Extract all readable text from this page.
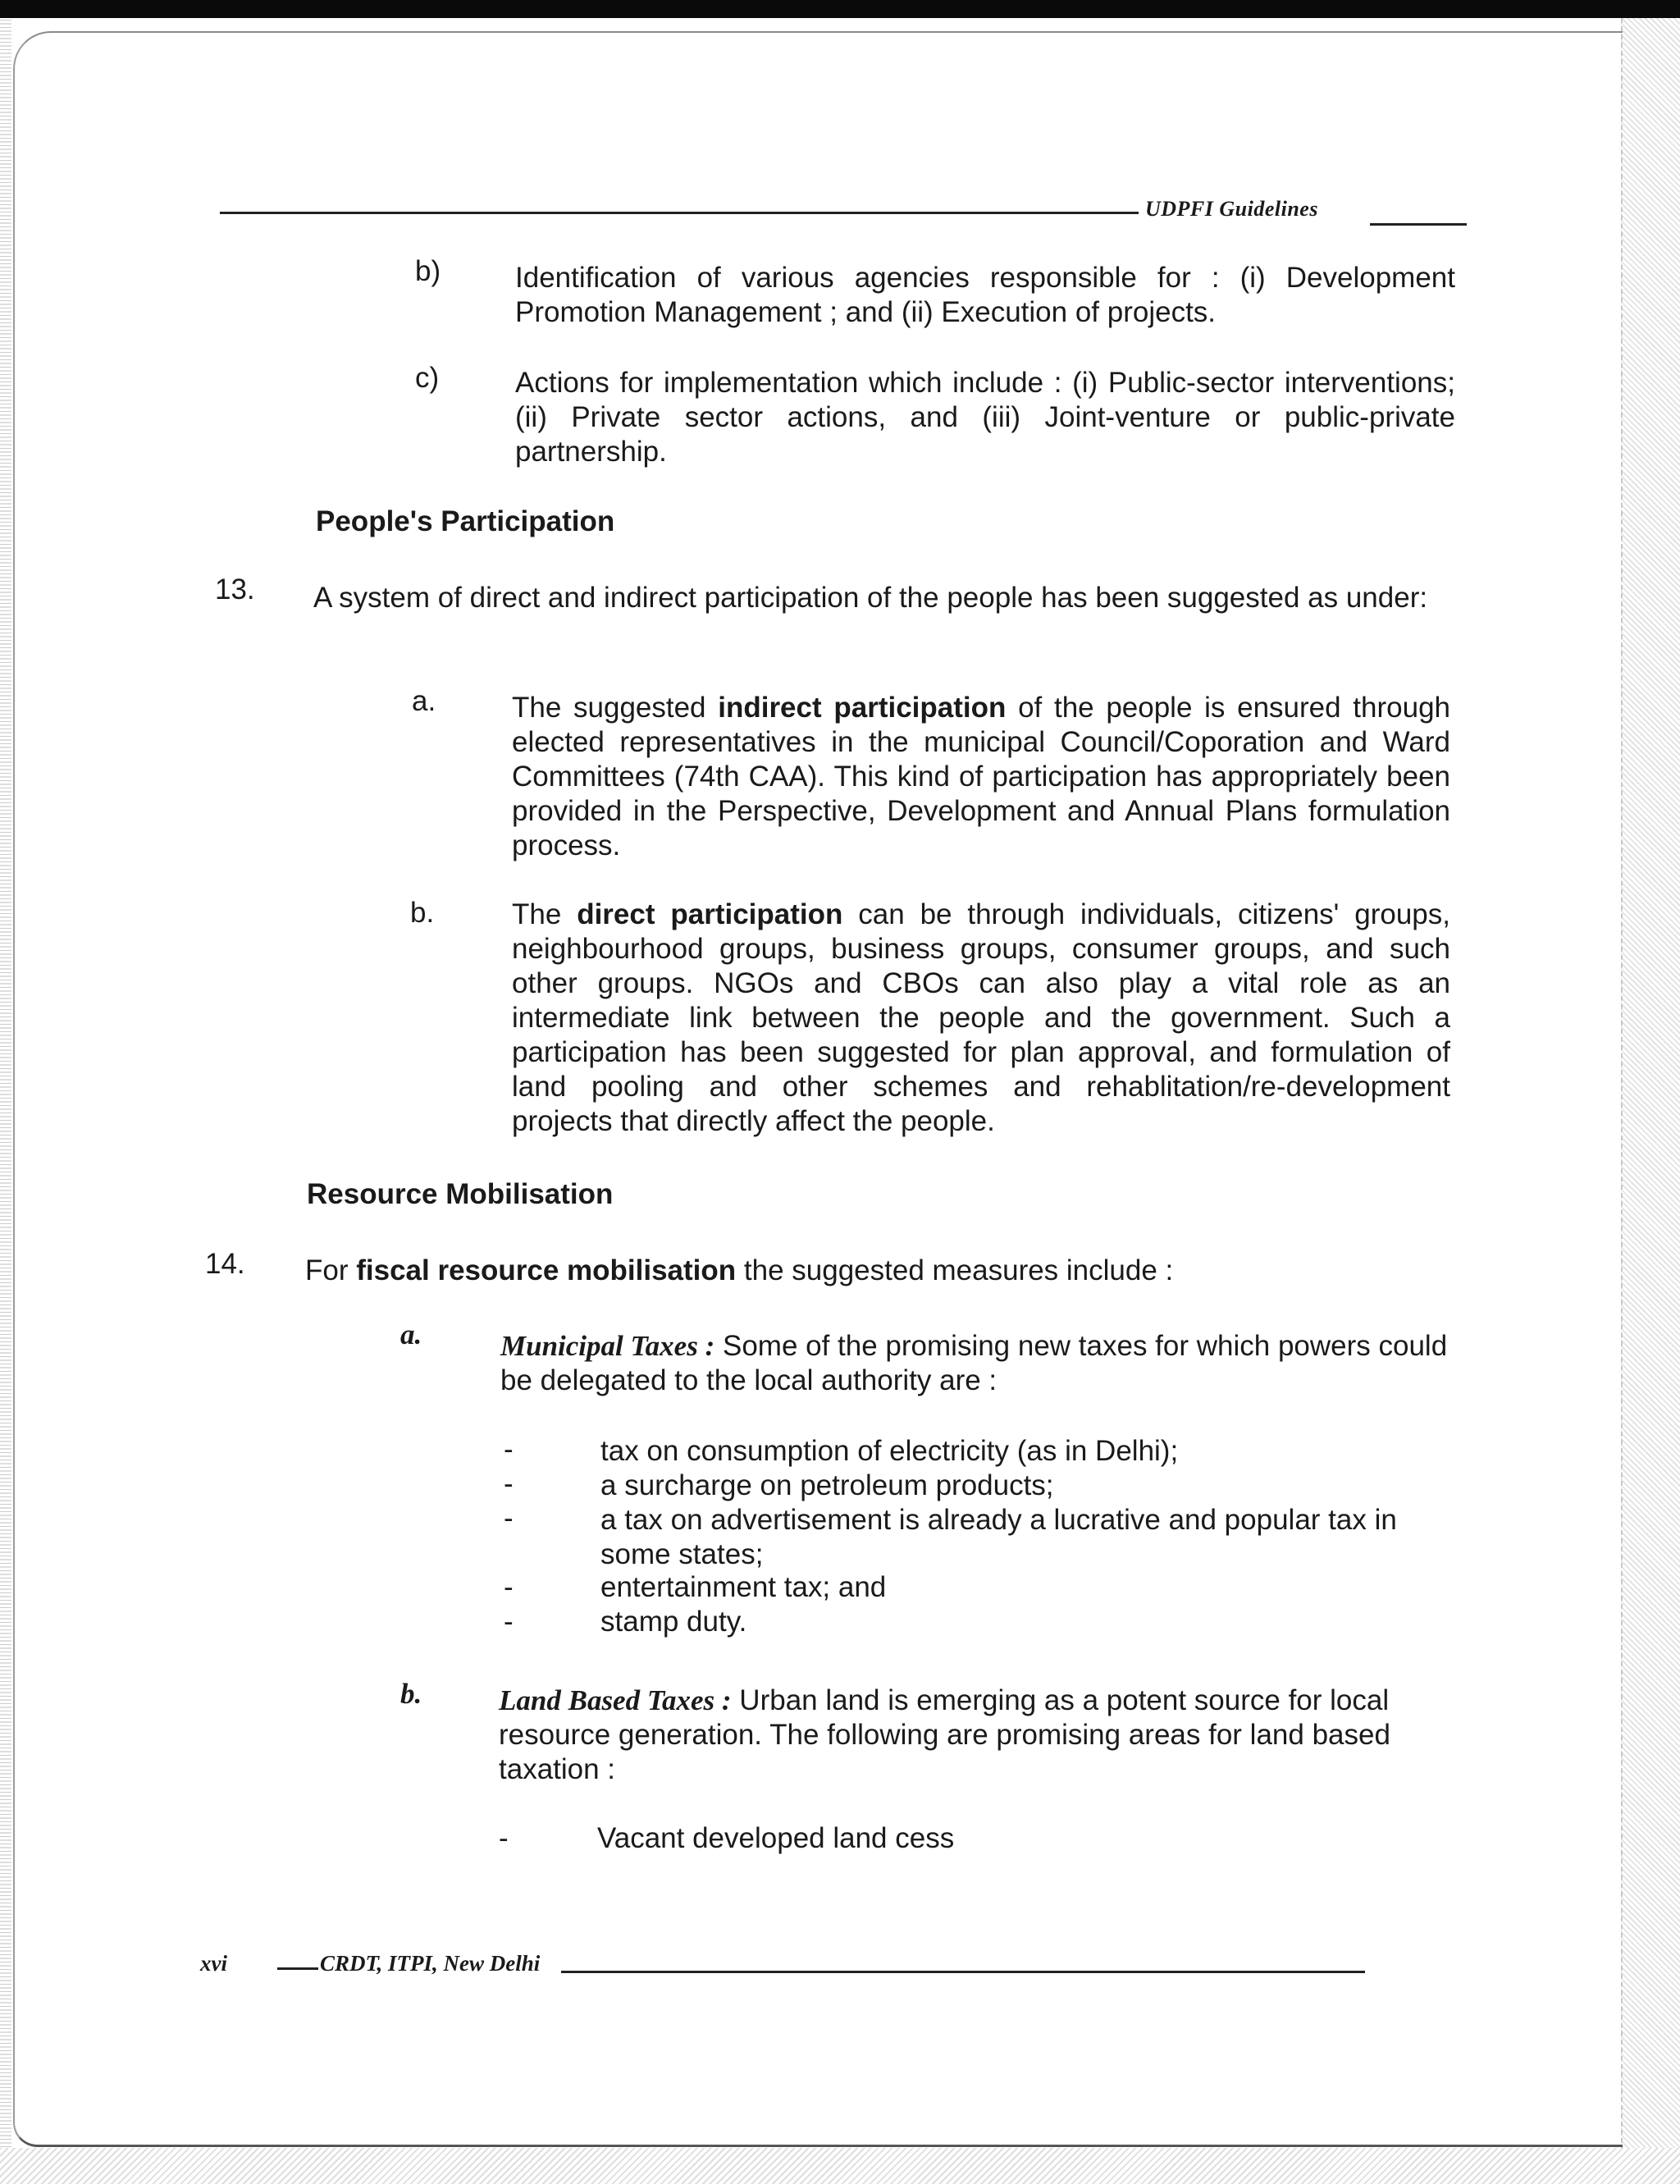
UDPFI Guidelines
b)	Identification of various agencies responsible for : (i) Development Promotion Management ; and (ii) Execution of projects.
c)	Actions for implementation which include : (i) Public-sector interventions; (ii) Private sector actions, and (iii) Joint-venture or public-private partnership.
People's Participation
13. A system of direct and indirect participation of the people has been suggested as under:
a.	The suggested indirect participation of the people is ensured through elected representatives in the municipal Council/Coporation and Ward Committees (74th CAA). This kind of participation has appropriately been provided in the Perspective, Development and Annual Plans formulation process.
b.	The direct participation can be through individuals, citizens' groups, neighbourhood groups, business groups, consumer groups, and such other groups. NGOs and CBOs can also play a vital role as an intermediate link between the people and the government. Such a participation has been suggested for plan approval, and formulation of land pooling and other schemes and rehablitation/re-development projects that directly affect the people.
Resource Mobilisation
14. For fiscal resource mobilisation the suggested measures include :
a.	Municipal Taxes : Some of the promising new taxes for which powers could be delegated to the local authority are :
-	tax on consumption of electricity (as in Delhi);
-	a surcharge on petroleum products;
-	a tax on advertisement is already a lucrative and popular tax in some states;
-	entertainment tax; and
-	stamp duty.
b.	Land Based Taxes : Urban land is emerging as a potent source for local resource generation. The following are promising areas for land based taxation :
-	Vacant developed land cess
xvi	CRDT, ITPI, New Delhi
